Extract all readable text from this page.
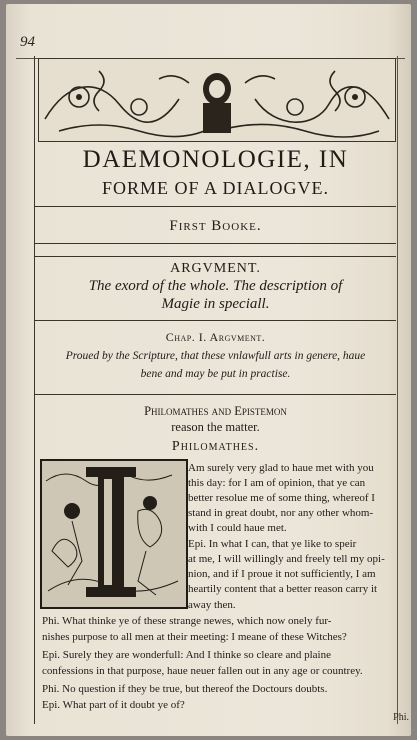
94
DAEMONOLOGIE, IN
FORME OF A DIALOGVE.
First Booke.
ARGVMENT.
The exord of the whole. The description of
Magie in speciall.
Chap. I. Argvment.
Proued by the Scripture, that these vnlawfull arts in genere, haue
bene and may be put in practise.
Philomathes and Epistemon
reason the matter.
Philomathes.
Am surely very glad to haue met with you
this day: for I am of opinion, that ye can
better resolue me of some thing, whereof I
stand in great doubt, nor any other whom-
with I could haue met.
Epi. In what I can, that ye like to speir
at me, I will willingly and freely tell my opi-
nion, and if I proue it not sufficiently, I am
heartily content that a better reason carry it
away then.
Phi. What thinke ye of these strange newes, which now onely fur-
nishes purpose to all men at their meeting: I meane of these Witches?
Epi. Surely they are wonderfull: And I thinke so cleare and plaine
confessions in that purpose, haue neuer fallen out in any age or countrey.
Phi. No question if they be true, but thereof the Doctours doubts.
Epi. What part of it doubt ye of?
Phi.
